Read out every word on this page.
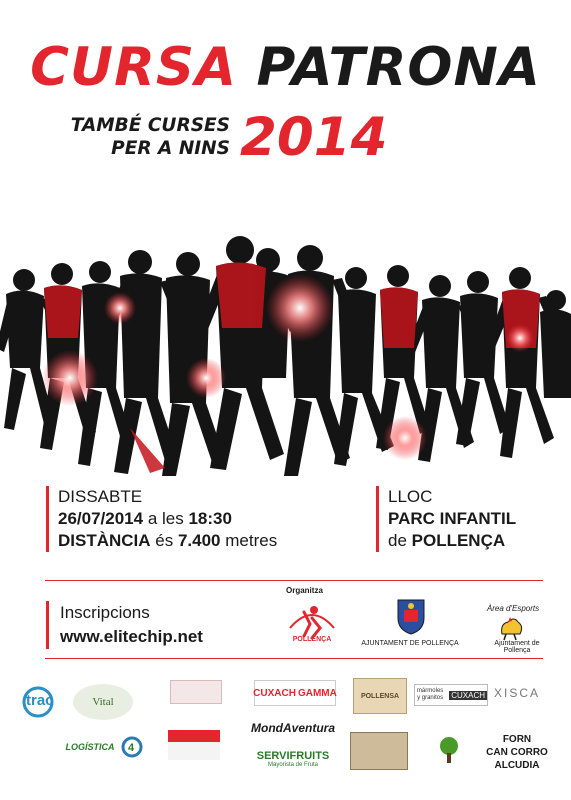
CURSA PATRONA
TAMBÉ CURSES
PER A NINS 2014
DISSABTE
26/07/2014 a les 18:30
DISTÀNCIA és 7.400 metres
LLOC
PARC INFANTIL
de POLLENÇA
Inscripcions
www.elitechip.net
Organitza
POLLENÇA
AJUNTAMENT DE POLLENÇA
Àrea d'Esports
Ajuntament de Pollença
trac	Vital
CUXACH GAMMA	POLLENSA
mármoles y granitos CUXACH XISCA
LOGÍSTICA 4
MondAventura
SERVIFRUITS
Mayorista de Fruta
FORN
CAN CORRO
ALCUDIA
